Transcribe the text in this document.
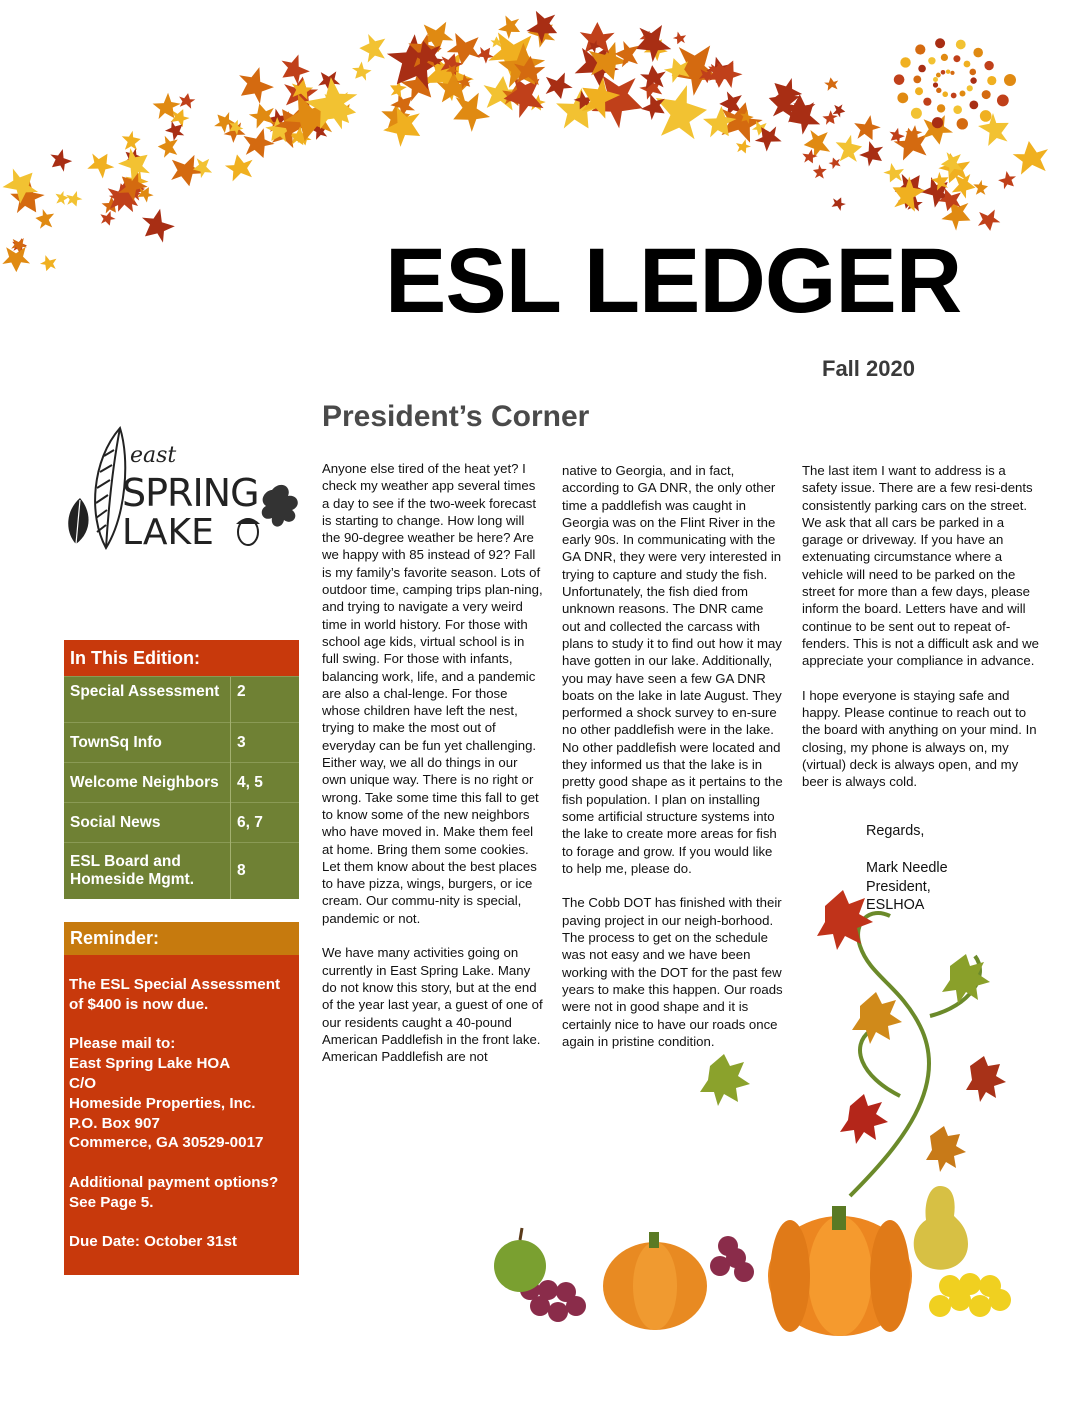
ESL LEDGER
Fall 2020
east
SPRING
LAKE
President’s Corner
Anyone else tired of the heat yet? I check my weather app several times a day to see if the two-week forecast is starting to change. How long will the 90-degree weather be here? Are we happy with 85 instead of 92? Fall is my family’s favorite season. Lots of outdoor time, camping trips plan-ning, and trying to navigate a very weird time in world history. For those with school age kids, virtual school is in full swing. For those with infants, balancing work, life, and a pandemic are also a chal-lenge. For those whose children have left the nest, trying to make the most out of everyday can be fun yet challenging. Either way, we all do things in our own unique way. There is no right or wrong. Take some time this fall to get to know some of the new neighbors who have moved in. Make them feel at home. Bring them some cookies. Let them know about the best places to have pizza, wings, burgers, or ice cream. Our commu-nity is special, pandemic or not.

We have many activities going on currently in East Spring Lake. Many do not know this story, but at the end of the year last year, a guest of one of our residents caught a 40-pound American Paddlefish in the front lake. American Paddlefish are not
native to Georgia, and in fact, according to GA DNR, the only other time a paddlefish was caught in Georgia was on the Flint River in the early 90s. In communicating with the GA DNR, they were very interested in trying to capture and study the fish. Unfortunately, the fish died from unknown reasons. The DNR came out and collected the carcass with plans to study it to find out how it may have gotten in our lake. Additionally, you may have seen a few GA DNR boats on the lake in late August. They performed a shock survey to en-sure no other paddlefish were in the lake. No other paddlefish were located and they informed us that the lake is in pretty good shape as it pertains to the fish population. I plan on installing some artificial structure systems into the lake to create more areas for fish to forage and grow. If you would like to help me, please do.

The Cobb DOT has finished with their paving project in our neigh-borhood. The process to get on the schedule was not easy and we have been working with the DOT for the past few years to make this happen. Our roads were not in good shape and it is certainly nice to have our roads once again in pristine condition.
The last item I want to address is a safety issue. There are a few resi-dents consistently parking cars on the street. We ask that all cars be parked in a garage or driveway. If you have an extenuating circumstance where a vehicle will need to be parked on the street for more than a few days, please inform the board. Letters have and will continue to be sent out to repeat of-fenders. This is not a difficult ask and we appreciate your compliance in advance.

I hope everyone is staying safe and happy. Please continue to reach out to the board with anything on your mind. In closing, my phone is always on, my (virtual) deck is always open, and my beer is always cold.
Regards,

Mark Needle
President,
ESLHOA
In This Edition:	
Special Assessment	2
TownSq Info	3
Welcome Neighbors	4, 5
Social News	6, 7
ESL Board and Homeside Mgmt.	8
Reminder:
The ESL Special Assessment of $400 is now due.

Please mail to:
East Spring Lake HOA
C/O
Homeside Properties, Inc.
P.O. Box 907
Commerce, GA 30529-0017

Additional payment options? See Page 5.

Due Date: October 31st
